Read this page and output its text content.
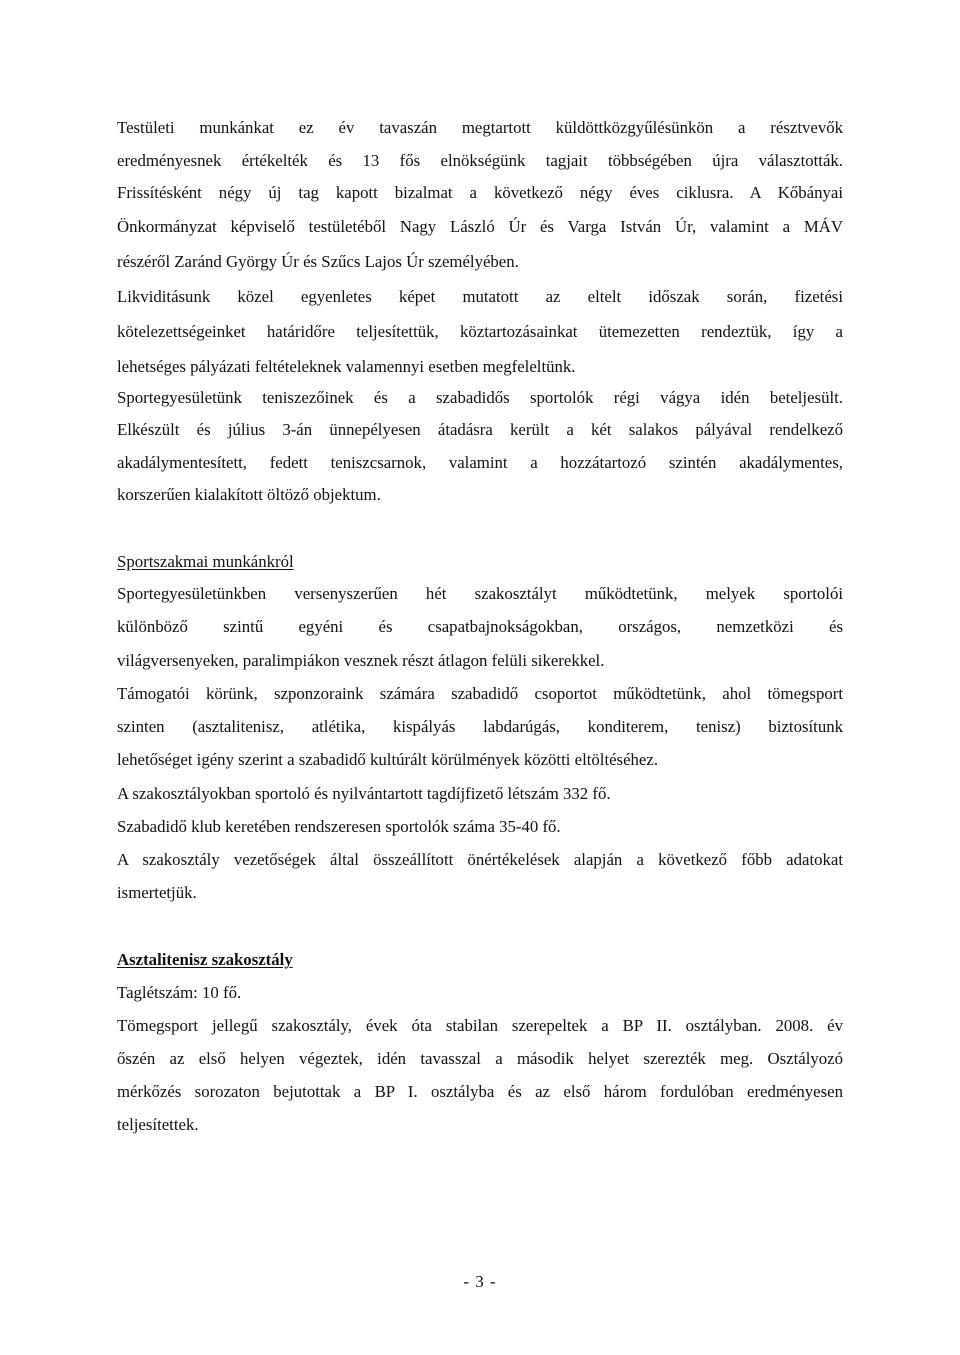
Testületi munkánkat ez év tavaszán megtartott küldöttközgyűlésünkön a résztvevők
eredményesnek értékelték és 13 fős elnökségünk tagjait többségében újra választották.
Frissítésként négy új tag kapott bizalmat a következő négy éves ciklusra. A Kőbányai
Önkormányzat képviselő testületéből Nagy László Úr és Varga István Úr, valamint a MÁV
részéről Zaránd György Úr és Szűcs Lajos Úr személyében.
Likviditásunk közel egyenletes képet mutatott az eltelt időszak során, fizetési
kötelezettségeinket határidőre teljesítettük, köztartozásainkat ütemezetten rendeztük, így a
lehetséges pályázati feltételeknek valamennyi esetben megfeleltünk.
Sportegyesületünk teniszezőinek és a szabadidős sportolók régi vágya idén beteljesült.
Elkészült és július 3-án ünnepélyesen átadásra került a két salakos pályával rendelkező
akadálymentesített, fedett teniszcsarnok, valamint a hozzátartozó szintén akadálymentes,
korszerűen kialakított öltöző objektum.
Sportszakmai munkánkról
Sportegyesületünkben versenyszerűen hét szakosztályt működtetünk, melyek sportolói
különböző szintű egyéni és csapatbajnokságokban, országos, nemzetközi és
világversenyeken, paralimpiákon vesznek részt átlagon felüli sikerekkel.
Támogatói körünk, szponzoraink számára szabadidő csoportot működtetünk, ahol tömegsport
szinten (asztalitenisz, atlétika, kispályás labdarúgás, konditerem, tenisz) biztosítunk
lehetőséget igény szerint a szabadidő kultúrált körülmények közötti eltöltéséhez.
A szakosztályokban sportoló és nyilvántartott tagdíjfizető létszám 332 fő.
Szabadidő klub keretében rendszeresen sportolók száma 35-40 fő.
A szakosztály vezetőségek által összeállított önértékelések alapján a következő főbb adatokat
ismertetjük.
Asztalitenisz szakosztály
Taglétszám: 10 fő.
Tömegsport jellegű szakosztály, évek óta stabilan szerepeltek a BP II. osztályban. 2008. év
őszén az első helyen végeztek, idén tavasszal a második helyet szerezték meg. Osztályozó
mérkőzés sorozaton bejutottak a BP I. osztályba és az első három fordulóban eredményesen
teljesítettek.
- 3 -
